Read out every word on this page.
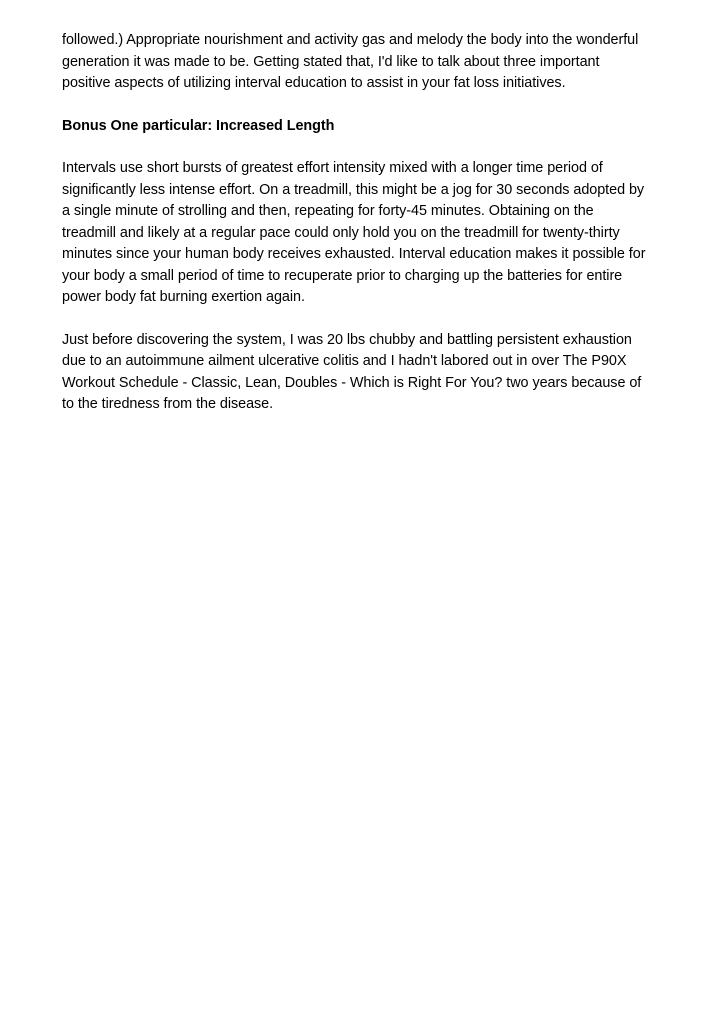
followed.) Appropriate nourishment and activity gas and melody the body into the wonderful
generation it was made to be. Getting stated that, I'd like to talk about three important
positive aspects of utilizing interval education to assist in your fat loss initiatives.

Bonus One particular: Increased Length

Intervals use short bursts of greatest effort intensity mixed with a longer time period of
significantly less intense effort. On a treadmill, this might be a jog for 30 seconds adopted by
a single minute of strolling and then, repeating for forty-45 minutes. Obtaining on the
treadmill and likely at a regular pace could only hold you on the treadmill for twenty-thirty
minutes since your human body receives exhausted. Interval education makes it possible for
your body a small period of time to recuperate prior to charging up the batteries for entire
power body fat burning exertion again.

Just before discovering the system, I was 20 lbs chubby and battling persistent exhaustion
due to an autoimmune ailment ulcerative colitis and I hadn't labored out in over The P90X
Workout Schedule - Classic, Lean, Doubles - Which is Right For You? two years because of
to the tiredness from the disease.
